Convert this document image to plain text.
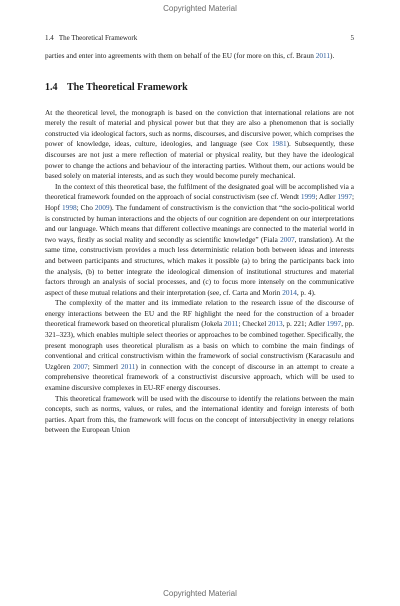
Copyrighted Material
1.4   The Theoretical Framework	5

parties and enter into agreements with them on behalf of the EU (for more on this, cf. Braun 2011).

1.4 The Theoretical Framework

At the theoretical level, the monograph is based on the conviction that international relations are not merely the result of material and physical power but that they are also a phenomenon that is socially constructed via ideological factors, such as norms, discourses, and discursive power, which comprises the power of knowledge, ideas, culture, ideologies, and language (see Cox 1981). Subsequently, these discourses are not just a mere reflection of material or physical reality, but they have the ideological power to change the actions and behaviour of the interacting parties. Without them, our actions would be based solely on material interests, and as such they would become purely mechanical.

In the context of this theoretical base, the fulfilment of the designated goal will be accomplished via a theoretical framework founded on the approach of social constructivism (see cf. Wendt 1999; Adler 1997; Hopf 1998; Cho 2009). The fundament of constructivism is the conviction that “the socio-political world is constructed by human interactions and the objects of our cognition are dependent on our interpretations and our language. Which means that different collective meanings are connected to the material world in two ways, firstly as social reality and secondly as scientific knowledge” (Fiala 2007, translation). At the same time, constructivism provides a much less deterministic relation both between ideas and interests and between participants and structures, which makes it possible (a) to bring the participants back into the analysis, (b) to better integrate the ideological dimension of institutional structures and material factors through an analysis of social processes, and (c) to focus more intensely on the communicative aspect of these mutual relations and their interpretation (see, cf. Carta and Morin 2014, p. 4).

The complexity of the matter and its immediate relation to the research issue of the discourse of energy interactions between the EU and the RF highlight the need for the construction of a broader theoretical framework based on theoretical pluralism (Jokela 2011; Checkel 2013, p. 221; Adler 1997, pp. 321–323), which enables multiple select theories or approaches to be combined together. Specifically, the present monograph uses theoretical pluralism as a basis on which to combine the main findings of conventional and critical constructivism within the framework of social constructivism (Karacasulu and Uzgören 2007; Simmerl 2011) in connection with the concept of discourse in an attempt to create a comprehensive theoretical framework of a constructivist discursive approach, which will be used to examine discursive complexes in EU-RF energy discourses.

This theoretical framework will be used with the discourse to identify the relations between the main concepts, such as norms, values, or rules, and the international identity and foreign interests of both parties. Apart from this, the framework will focus on the concept of intersubjectivity in energy relations between the European Union

Copyrighted Material
